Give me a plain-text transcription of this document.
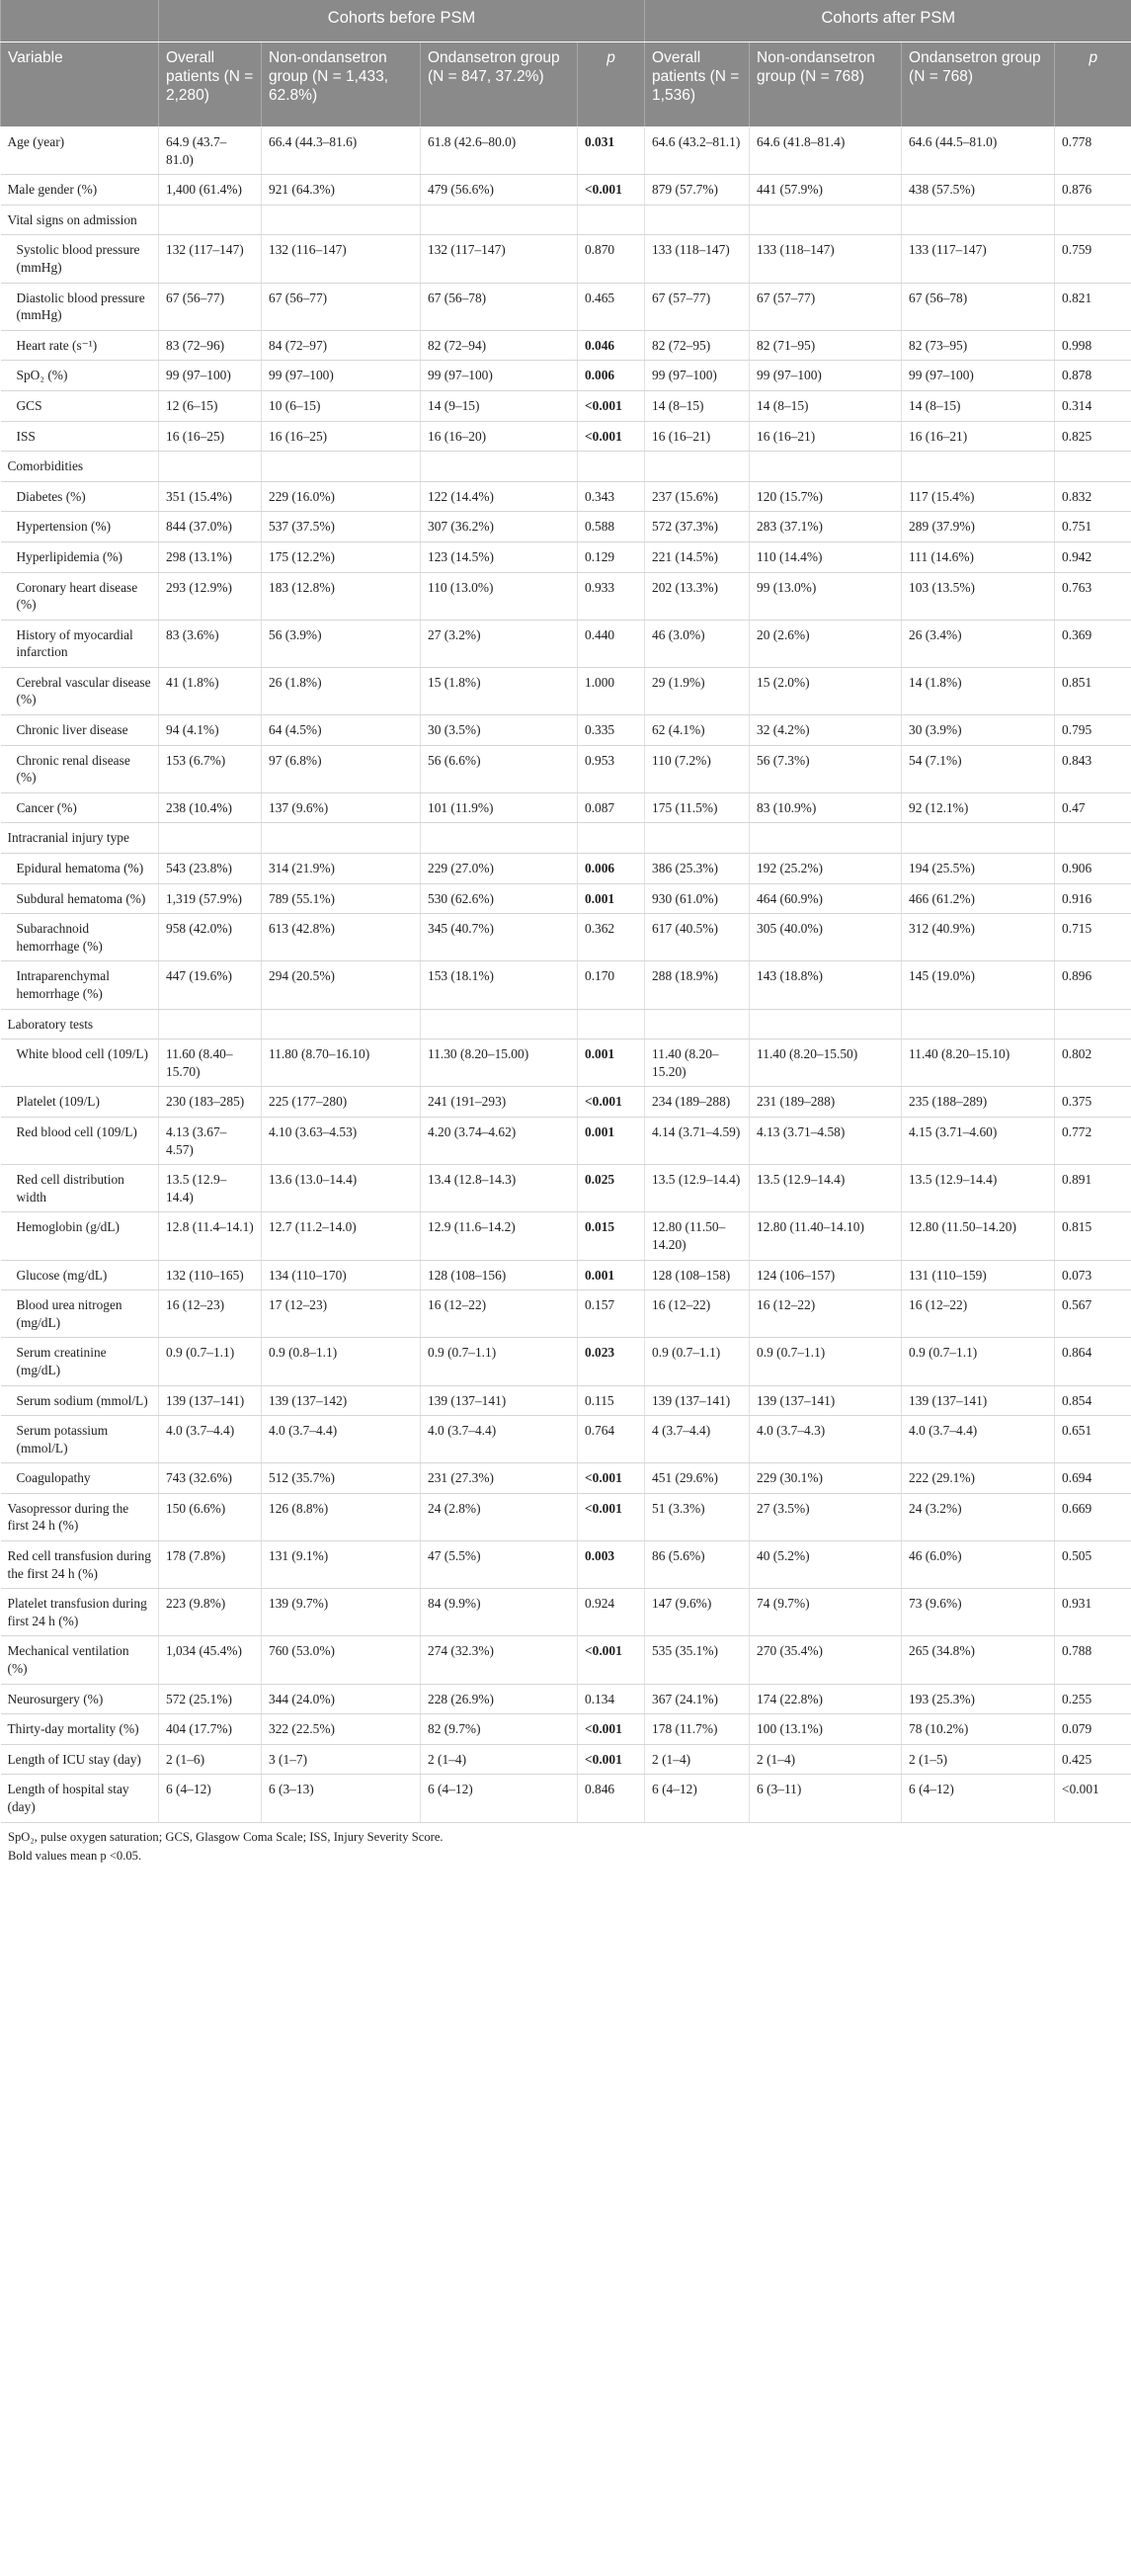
	Cohorts before PSM				Cohorts after PSM			
Variable	Overall patients (N = 2,280)	Non-ondansetron group (N = 1,433, 62.8%)	Ondansetron group (N = 847, 37.2%)	p	Overall patients (N = 1,536)	Non-ondansetron group (N = 768)	Ondansetron group (N = 768)	p
Age (year)	64.9 (43.7–81.0)	66.4 (44.3–81.6)	61.8 (42.6–80.0)	0.031	64.6 (43.2–81.1)	64.6 (41.8–81.4)	64.6 (44.5–81.0)	0.778
Male gender (%)	1,400 (61.4%)	921 (64.3%)	479 (56.6%)	<0.001	879 (57.7%)	441 (57.9%)	438 (57.5%)	0.876
Vital signs on admission								
Systolic blood pressure (mmHg)	132 (117–147)	132 (116–147)	132 (117–147)	0.870	133 (118–147)	133 (118–147)	133 (117–147)	0.759
Diastolic blood pressure (mmHg)	67 (56–77)	67 (56–77)	67 (56–78)	0.465	67 (57–77)	67 (57–77)	67 (56–78)	0.821
Heart rate (s⁻¹)	83 (72–96)	84 (72–97)	82 (72–94)	0.046	82 (72–95)	82 (71–95)	82 (73–95)	0.998
SpO₂ (%)	99 (97–100)	99 (97–100)	99 (97–100)	0.006	99 (97–100)	99 (97–100)	99 (97–100)	0.878
GCS	12 (6–15)	10 (6–15)	14 (9–15)	<0.001	14 (8–15)	14 (8–15)	14 (8–15)	0.314
ISS	16 (16–25)	16 (16–25)	16 (16–20)	<0.001	16 (16–21)	16 (16–21)	16 (16–21)	0.825
Comorbidities								
Diabetes (%)	351 (15.4%)	229 (16.0%)	122 (14.4%)	0.343	237 (15.6%)	120 (15.7%)	117 (15.4%)	0.832
Hypertension (%)	844 (37.0%)	537 (37.5%)	307 (36.2%)	0.588	572 (37.3%)	283 (37.1%)	289 (37.9%)	0.751
Hyperlipidemia (%)	298 (13.1%)	175 (12.2%)	123 (14.5%)	0.129	221 (14.5%)	110 (14.4%)	111 (14.6%)	0.942
Coronary heart disease (%)	293 (12.9%)	183 (12.8%)	110 (13.0%)	0.933	202 (13.3%)	99 (13.0%)	103 (13.5%)	0.763
History of myocardial infarction	83 (3.6%)	56 (3.9%)	27 (3.2%)	0.440	46 (3.0%)	20 (2.6%)	26 (3.4%)	0.369
Cerebral vascular disease (%)	41 (1.8%)	26 (1.8%)	15 (1.8%)	1.000	29 (1.9%)	15 (2.0%)	14 (1.8%)	0.851
Chronic liver disease	94 (4.1%)	64 (4.5%)	30 (3.5%)	0.335	62 (4.1%)	32 (4.2%)	30 (3.9%)	0.795
Chronic renal disease (%)	153 (6.7%)	97 (6.8%)	56 (6.6%)	0.953	110 (7.2%)	56 (7.3%)	54 (7.1%)	0.843
Cancer (%)	238 (10.4%)	137 (9.6%)	101 (11.9%)	0.087	175 (11.5%)	83 (10.9%)	92 (12.1%)	0.47
Intracranial injury type								
Epidural hematoma (%)	543 (23.8%)	314 (21.9%)	229 (27.0%)	0.006	386 (25.3%)	192 (25.2%)	194 (25.5%)	0.906
Subdural hematoma (%)	1,319 (57.9%)	789 (55.1%)	530 (62.6%)	0.001	930 (61.0%)	464 (60.9%)	466 (61.2%)	0.916
Subarachnoid hemorrhage (%)	958 (42.0%)	613 (42.8%)	345 (40.7%)	0.362	617 (40.5%)	305 (40.0%)	312 (40.9%)	0.715
Intraparenchymal hemorrhage (%)	447 (19.6%)	294 (20.5%)	153 (18.1%)	0.170	288 (18.9%)	143 (18.8%)	145 (19.0%)	0.896
Laboratory tests								
White blood cell (109/L)	11.60 (8.40–15.70)	11.80 (8.70–16.10)	11.30 (8.20–15.00)	0.001	11.40 (8.20–15.20)	11.40 (8.20–15.50)	11.40 (8.20–15.10)	0.802
Platelet (109/L)	230 (183–285)	225 (177–280)	241 (191–293)	<0.001	234 (189–288)	231 (189–288)	235 (188–289)	0.375
Red blood cell (109/L)	4.13 (3.67–4.57)	4.10 (3.63–4.53)	4.20 (3.74–4.62)	0.001	4.14 (3.71–4.59)	4.13 (3.71–4.58)	4.15 (3.71–4.60)	0.772
Red cell distribution width	13.5 (12.9–14.4)	13.6 (13.0–14.4)	13.4 (12.8–14.3)	0.025	13.5 (12.9–14.4)	13.5 (12.9–14.4)	13.5 (12.9–14.4)	0.891
Hemoglobin (g/dL)	12.8 (11.4–14.1)	12.7 (11.2–14.0)	12.9 (11.6–14.2)	0.015	12.80 (11.50–14.20)	12.80 (11.40–14.10)	12.80 (11.50–14.20)	0.815
Glucose (mg/dL)	132 (110–165)	134 (110–170)	128 (108–156)	0.001	128 (108–158)	124 (106–157)	131 (110–159)	0.073
Blood urea nitrogen (mg/dL)	16 (12–23)	17 (12–23)	16 (12–22)	0.157	16 (12–22)	16 (12–22)	16 (12–22)	0.567
Serum creatinine (mg/dL)	0.9 (0.7–1.1)	0.9 (0.8–1.1)	0.9 (0.7–1.1)	0.023	0.9 (0.7–1.1)	0.9 (0.7–1.1)	0.9 (0.7–1.1)	0.864
Serum sodium (mmol/L)	139 (137–141)	139 (137–142)	139 (137–141)	0.115	139 (137–141)	139 (137–141)	139 (137–141)	0.854
Serum potassium (mmol/L)	4.0 (3.7–4.4)	4.0 (3.7–4.4)	4.0 (3.7–4.4)	0.764	4 (3.7–4.4)	4.0 (3.7–4.3)	4.0 (3.7–4.4)	0.651
Coagulopathy	743 (32.6%)	512 (35.7%)	231 (27.3%)	<0.001	451 (29.6%)	229 (30.1%)	222 (29.1%)	0.694
Vasopressor during the first 24 h (%)	150 (6.6%)	126 (8.8%)	24 (2.8%)	<0.001	51 (3.3%)	27 (3.5%)	24 (3.2%)	0.669
Red cell transfusion during the first 24 h (%)	178 (7.8%)	131 (9.1%)	47 (5.5%)	0.003	86 (5.6%)	40 (5.2%)	46 (6.0%)	0.505
Platelet transfusion during first 24 h (%)	223 (9.8%)	139 (9.7%)	84 (9.9%)	0.924	147 (9.6%)	74 (9.7%)	73 (9.6%)	0.931
Mechanical ventilation (%)	1,034 (45.4%)	760 (53.0%)	274 (32.3%)	<0.001	535 (35.1%)	270 (35.4%)	265 (34.8%)	0.788
Neurosurgery (%)	572 (25.1%)	344 (24.0%)	228 (26.9%)	0.134	367 (24.1%)	174 (22.8%)	193 (25.3%)	0.255
Thirty-day mortality (%)	404 (17.7%)	322 (22.5%)	82 (9.7%)	<0.001	178 (11.7%)	100 (13.1%)	78 (10.2%)	0.079
Length of ICU stay (day)	2 (1–6)	3 (1–7)	2 (1–4)	<0.001	2 (1–4)	2 (1–4)	2 (1–5)	0.425
Length of hospital stay (day)	6 (4–12)	6 (3–13)	6 (4–12)	0.846	6 (4–12)	6 (3–11)	6 (4–12)	<0.001

SpO₂, pulse oxygen saturation; GCS, Glasgow Coma Scale; ISS, Injury Severity Score.

Bold values mean p <0.05.
